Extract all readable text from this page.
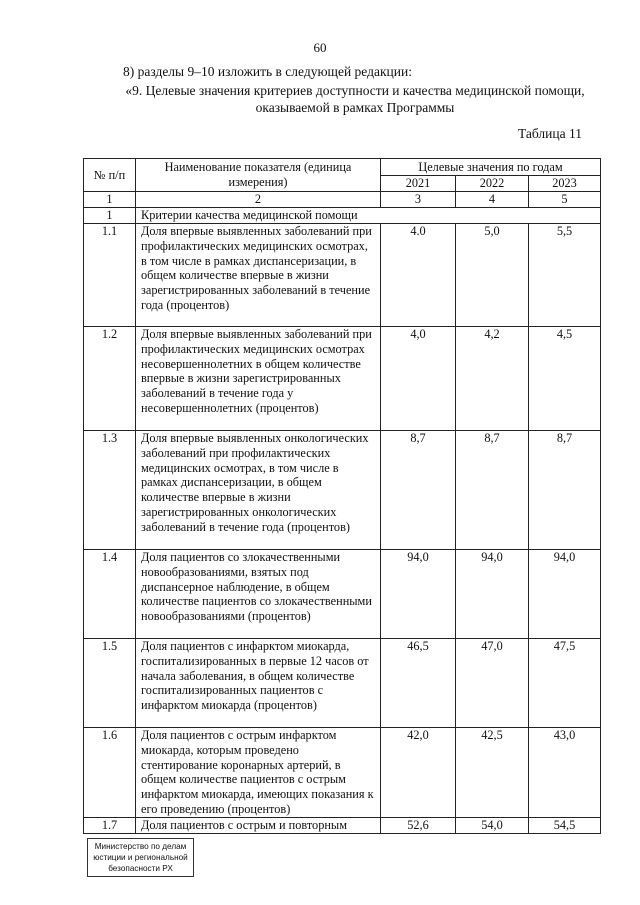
60
8) разделы 9–10 изложить в следующей редакции:
«9. Целевые значения критериев доступности и качества медицинской помощи, оказываемой в рамках Программы
Таблица 11
№ п/п	Наименование показателя (единица измерения)	Целевые значения по годам		
		2021	2022	2023
1	2	3	4	5
1	Критерии качества медицинской помощи			
1.1	Доля впервые выявленных заболеваний при профилактических медицинских осмотрах, в том числе в рамках диспансеризации, в общем количестве впервые в жизни зарегистрированных заболеваний в течение года (процентов)	4.0	5,0	5,5
1.2	Доля впервые выявленных заболеваний при профилактических медицинских осмотрах несовершеннолетних в общем количестве впервые в жизни зарегистрированных заболеваний в течение года у несовершеннолетних (процентов)	4,0	4,2	4,5
1.3	Доля впервые выявленных онкологических заболеваний при профилактических медицинских осмотрах, в том числе в рамках диспансеризации, в общем количестве впервые в жизни зарегистрированных онкологических заболеваний в течение года (процентов)	8,7	8,7	8,7
1.4	Доля пациентов со злокачественными новообразованиями, взятых под диспансерное наблюдение, в общем количестве пациентов со злокачественными новообразованиями (процентов)	94,0	94,0	94,0
1.5	Доля пациентов с инфарктом миокарда, госпитализированных в первые 12 часов от начала заболевания, в общем количестве госпитализированных пациентов с инфарктом миокарда (процентов)	46,5	47,0	47,5
1.6	Доля пациентов с острым инфарктом миокарда, которым проведено стентирование коронарных артерий, в общем количестве пациентов с острым инфарктом миокарда, имеющих показания к его проведению (процентов)	42,0	42,5	43,0
1.7	Доля пациентов с острым и повторным	52,6	54,0	54,5
Министерство по делам юстиции и региональной безопасности РХ
